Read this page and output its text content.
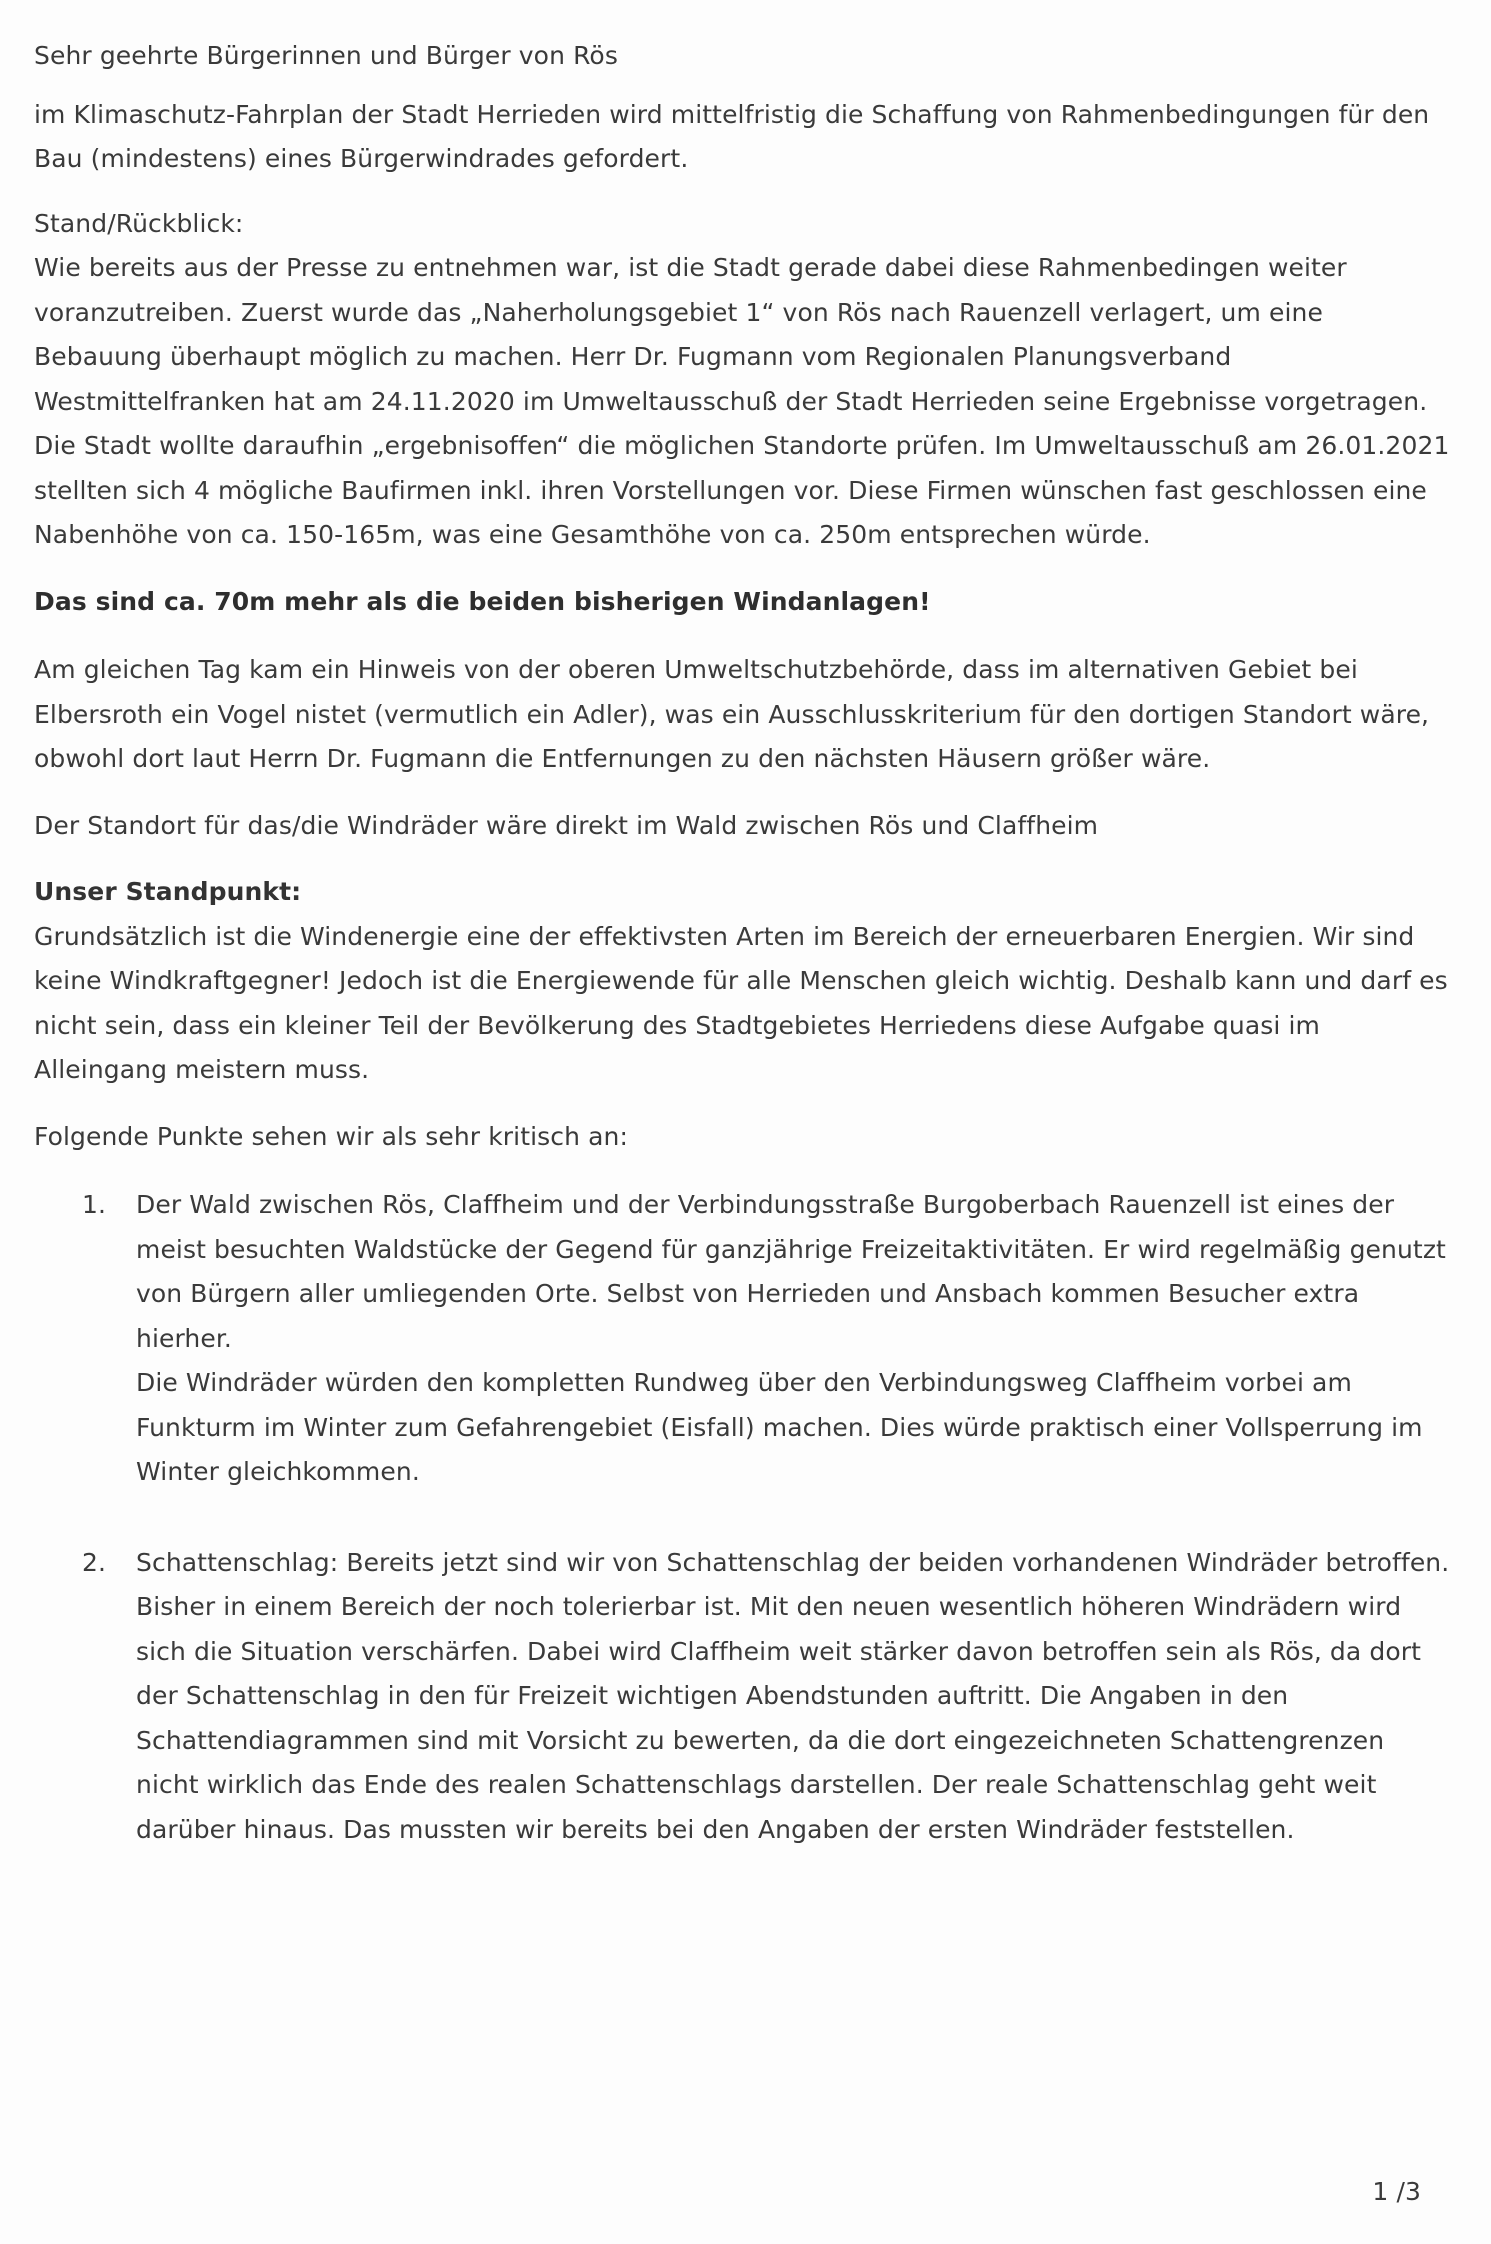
Sehr geehrte Bürgerinnen und Bürger von Rös

im Klimaschutz-Fahrplan der Stadt Herrieden wird mittelfristig die Schaffung von Rahmenbedingungen für den Bau (mindestens) eines Bürgerwindrades gefordert.

Stand/Rückblick:

Wie bereits aus der Presse zu entnehmen war, ist die Stadt gerade dabei diese Rahmenbedingen weiter voranzutreiben. Zuerst wurde das „Naherholungsgebiet 1“ von Rös nach Rauenzell verlagert, um eine Bebauung überhaupt möglich zu machen. Herr Dr. Fugmann vom Regionalen Planungsverband Westmittelfranken hat am 24.11.2020 im Umweltausschuß der Stadt Herrieden seine Ergebnisse vorgetragen. Die Stadt wollte daraufhin „ergebnisoffen“ die möglichen Standorte prüfen. Im Umweltausschuß am 26.01.2021 stellten sich 4 mögliche Baufirmen inkl. ihren Vorstellungen vor. Diese Firmen wünschen fast geschlossen eine Nabenhöhe von ca. 150-165m, was eine Gesamthöhe von ca. 250m entsprechen würde.

Das sind ca. 70m mehr als die beiden bisherigen Windanlagen!

Am gleichen Tag kam ein Hinweis von der oberen Umweltschutzbehörde, dass im alternativen Gebiet bei Elbersroth ein Vogel nistet (vermutlich ein Adler), was ein Ausschlusskriterium für den dortigen Standort wäre, obwohl dort laut Herrn Dr. Fugmann die Entfernungen zu den nächsten Häusern größer wäre.

Der Standort für das/die Windräder wäre direkt im Wald zwischen Rös und Claffheim

Unser Standpunkt:

Grundsätzlich ist die Windenergie eine der effektivsten Arten im Bereich der erneuerbaren Energien. Wir sind keine Windkraftgegner! Jedoch ist die Energiewende für alle Menschen gleich wichtig. Deshalb kann und darf es nicht sein, dass ein kleiner Teil der Bevölkerung des Stadtgebietes Herriedens diese Aufgabe quasi im Alleingang meistern muss.

Folgende Punkte sehen wir als sehr kritisch an:

1. Der Wald zwischen Rös, Claffheim und der Verbindungsstraße Burgoberbach Rauenzell ist eines der meist besuchten Waldstücke der Gegend für ganzjährige Freizeitaktivitäten. Er wird regelmäßig genutzt von Bürgern aller umliegenden Orte. Selbst von Herrieden und Ansbach kommen Besucher extra hierher.

Die Windräder würden den kompletten Rundweg über den Verbindungsweg Claffheim vorbei am Funkturm im Winter zum Gefahrengebiet (Eisfall) machen. Dies würde praktisch einer Vollsperrung im Winter gleichkommen.

2. Schattenschlag: Bereits jetzt sind wir von Schattenschlag der beiden vorhandenen Windräder betroffen. Bisher in einem Bereich der noch tolerierbar ist. Mit den neuen wesentlich höheren Windrädern wird sich die Situation verschärfen. Dabei wird Claffheim weit stärker davon betroffen sein als Rös, da dort der Schattenschlag in den für Freizeit wichtigen Abendstunden auftritt. Die Angaben in den Schattendiagrammen sind mit Vorsicht zu bewerten, da die dort eingezeichneten Schattengrenzen nicht wirklich das Ende des realen Schattenschlags darstellen. Der reale Schattenschlag geht weit darüber hinaus. Das mussten wir bereits bei den Angaben der ersten Windräder feststellen.

1 /3
